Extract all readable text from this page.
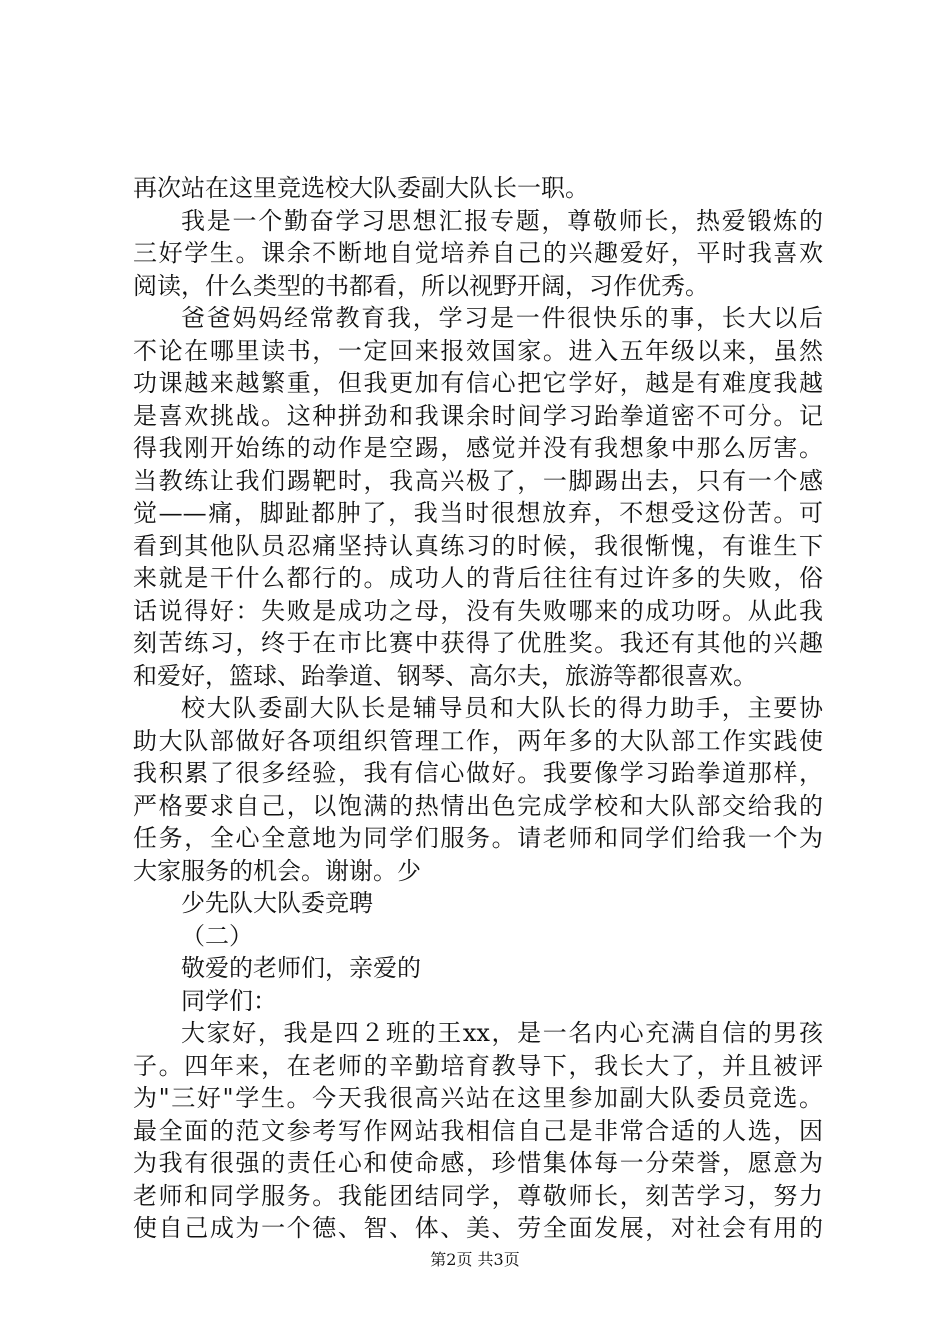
再次站在这里竞选校大队委副大队长一职。
我是一个勤奋学习思想汇报专题，尊敬师长，热爱锻炼的
三好学生。课余不断地自觉培养自己的兴趣爱好，平时我喜欢
阅读，什么类型的书都看，所以视野开阔，习作优秀。
爸爸妈妈经常教育我，学习是一件很快乐的事，长大以后
不论在哪里读书，一定回来报效国家。进入五年级以来，虽然
功课越来越繁重，但我更加有信心把它学好，越是有难度我越
是喜欢挑战。这种拼劲和我课余时间学习跆拳道密不可分。记
得我刚开始练的动作是空踢，感觉并没有我想象中那么厉害。
当教练让我们踢靶时，我高兴极了，一脚踢出去，只有一个感
觉——痛，脚趾都肿了，我当时很想放弃，不想受这份苦。可
看到其他队员忍痛坚持认真练习的时候，我很惭愧，有谁生下
来就是干什么都行的。成功人的背后往往有过许多的失败，俗
话说得好：失败是成功之母，没有失败哪来的成功呀。从此我
刻苦练习，终于在市比赛中获得了优胜奖。我还有其他的兴趣
和爱好，篮球、跆拳道、钢琴、高尔夫，旅游等都很喜欢。
校大队委副大队长是辅导员和大队长的得力助手，主要协
助大队部做好各项组织管理工作，两年多的大队部工作实践使
我积累了很多经验，我有信心做好。我要像学习跆拳道那样，
严格要求自己，以饱满的热情出色完成学校和大队部交给我的
任务，全心全意地为同学们服务。请老师和同学们给我一个为
大家服务的机会。谢谢。少
少先队大队委竞聘
（二）
敬爱的老师们，亲爱的
同学们：
大家好，我是四２班的王xx，是一名内心充满自信的男孩
子。四年来，在老师的辛勤培育教导下，我长大了，并且被评
为"三好"学生。今天我很高兴站在这里参加副大队委员竞选。
最全面的范文参考写作网站我相信自己是非常合适的人选，因
为我有很强的责任心和使命感，珍惜集体每一分荣誉，愿意为
老师和同学服务。我能团结同学，尊敬师长，刻苦学习，努力
使自己成为一个德、智、体、美、劳全面发展，对社会有用的
第2页 共3页
